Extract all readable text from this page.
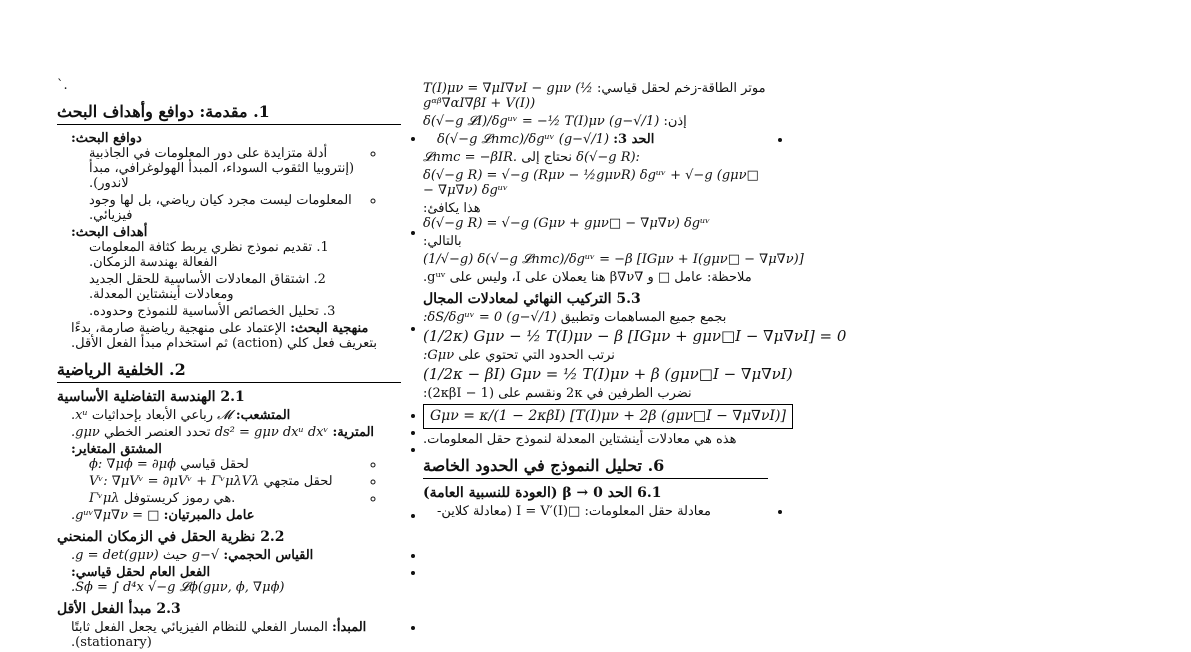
`.
1. مقدمة: دوافع وأهداف البحث
• دوافع البحث:
◦ أدلة متزايدة على دور المعلومات في الجاذبية (إنتروبيا الثقوب السوداء، المبدأ الهولوغرافي، مبدأ لاندور).
◦ المعلومات ليست مجرد كيان رياضي، بل لها وجود فيزيائي.
• أهداف البحث:
1. تقديم نموذج نظري يربط كثافة المعلومات الفعالة بهندسة الزمكان.
2. اشتقاق المعادلات الأساسية للحقل الجديد ومعادلات أينشتاين المعدلة.
3. تحليل الخصائص الأساسية للنموذج وحدوده.
• منهجية البحث: الإعتماد على منهجية رياضية صارمة، بدءًا بتعريف فعل كلي (action) ثم استخدام مبدأ الفعل الأقل.
2. الخلفية الرياضية
2.1 الهندسة التفاضلية الأساسية
• المتشعب: 𝓜 رباعي الأبعاد بإحداثيات xᵘ.
• المترية: ds² = gμν dxᵘ dxᵛ تحدد العنصر الخطي gμν.
• المشتق المتغاير:
◦ لحقل قياسي ϕ: ∇μϕ = ∂μϕ
◦ لحقل متجهي Vᵛ: ∇μVᵛ = ∂μVᵛ + ΓᵛμλVλ
◦ Γᵛμλ هي رموز كريستوفل.
• عامل دالمبرتيان: □ = gᵘᵛ∇μ∇ν.
2.2 نظرية الحقل في الزمكان المنحني
• القياس الحجمي: √−g حيث g = det(gμν).
• الفعل العام لحقل قياسي: Sϕ = ∫ d⁴x √−g 𝓛ϕ(gμν, ϕ, ∇μϕ).
2.3 مبدأ الفعل الأقل
• المبدأ: المسار الفعلي للنظام الفيزيائي يجعل الفعل ثابتًا (stationary).
موتر الطاقة-زخم لحقل قياسي: T(I)μν = ∇μI∇νI − gμν (½ gᵅᵝ∇αI∇βI + V(I))
إذن: (1/√−g) δ(√−g 𝓛I)/δgᵘᵛ = −½ T(I)μν
• الحد 3: (1/√−g) δ(√−g 𝓛nmc)/δgᵘᵛ
𝓛nmc = −βIR. نحتاج إلى δ(√−g R):
δ(√−g R) = √−g (Rμν − ½gμνR) δgᵘᵛ + √−g (gμν□ − ∇μ∇ν) δgᵘᵛ
هذا يكافئ: δ(√−g R) = √−g (Gμν + gμν□ − ∇μ∇ν) δgᵘᵛ
بالتالي:
(1/√−g) δ(√−g 𝓛nmc)/δgᵘᵛ = −β [IGμν + I(gμν□ − ∇μ∇ν)]
ملاحظة: عامل □ و ∇β∇ν هنا يعملان على I، وليس على gᵘᵛ.
5.3 التركيب النهائي لمعادلات المجال
بجمع جميع المساهمات وتطبيق (1/√−g) δS/δgᵘᵛ = 0:
(1/2κ) Gμν − ½ T(I)μν − β [IGμν + gμν□I − ∇μ∇νI] = 0
نرتب الحدود التي تحتوي على Gμν:
(1/2κ − βI) Gμν = ½ T(I)μν + β (gμν□I − ∇μ∇νI)
نضرب الطرفين في 2κ ونقسم على (1 − 2κβI):
Gμν = κ/(1 − 2κβI) [T(I)μν + 2β (gμν□I − ∇μ∇νI)]
هذه هي معادلات أينشتاين المعدلة لنموذج حقل المعلومات.
6. تحليل النموذج في الحدود الخاصة
6.1 الحد β → 0 (العودة للنسبية العامة)
• معادلة حقل المعلومات: □I = V′(I) (معادلة كلاين-
